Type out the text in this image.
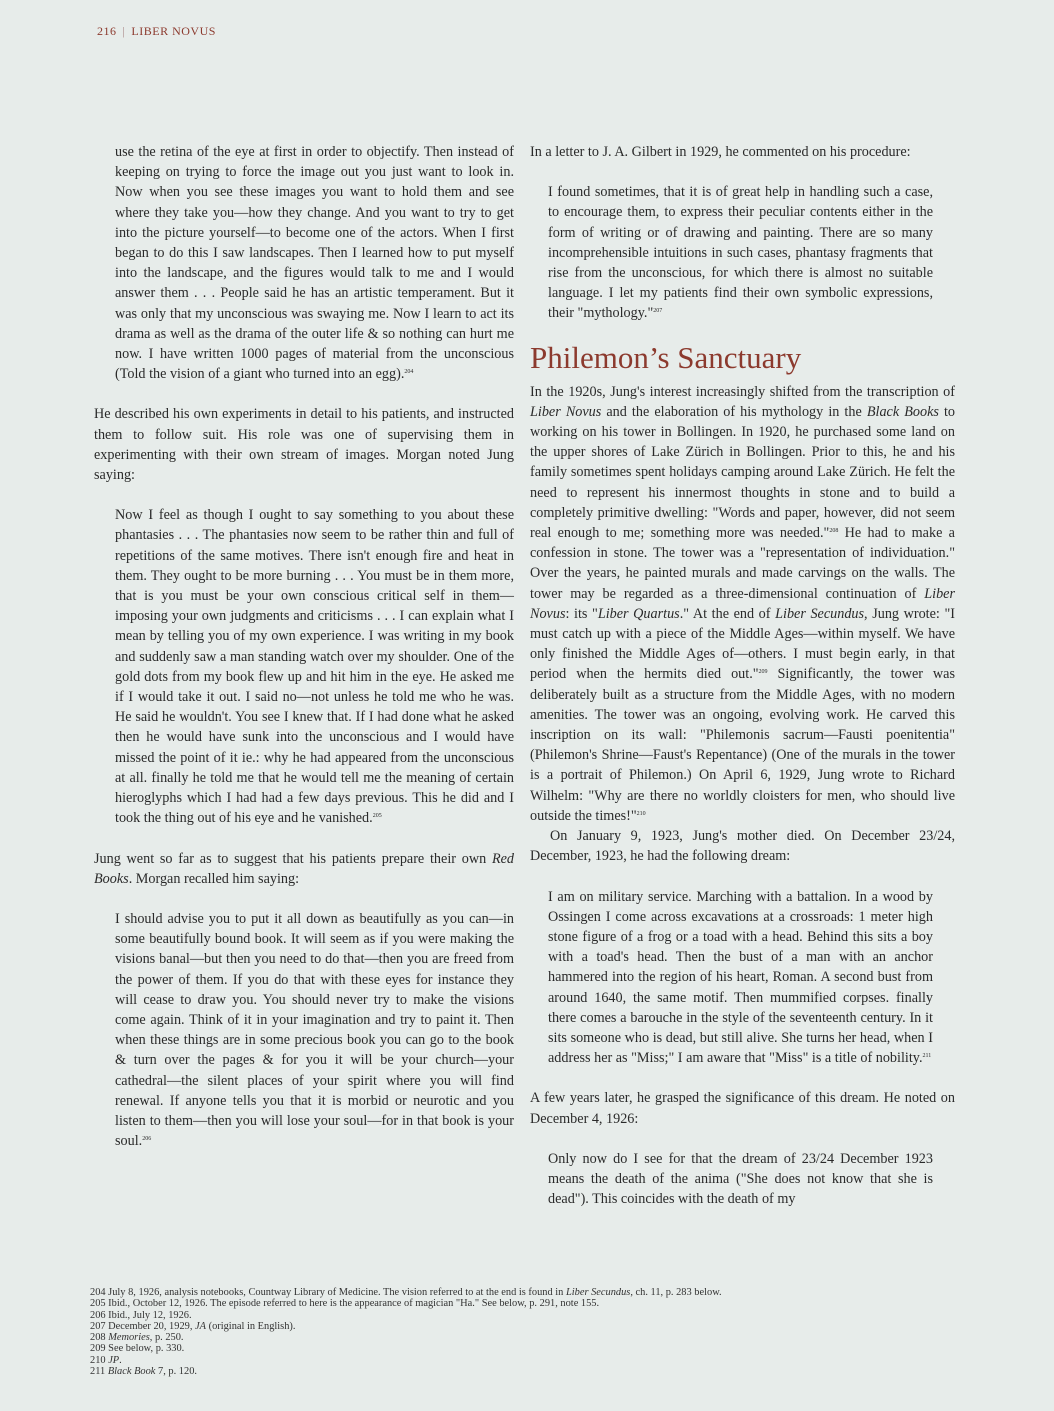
216 | LIBER NOVUS

use the retina of the eye at first in order to objectify. Then instead of keeping on trying to force the image out you just want to look in. Now when you see these images you want to hold them and see where they take you—how they change. And you want to try to get into the picture yourself—to become one of the actors. When I first began to do this I saw landscapes. Then I learned how to put myself into the landscape, and the figures would talk to me and I would answer them . . . People said he has an artistic temperament. But it was only that my unconscious was swaying me. Now I learn to act its drama as well as the drama of the outer life & so nothing can hurt me now. I have written 1000 pages of material from the unconscious (Told the vision of a giant who turned into an egg).$^{204}$

He described his own experiments in detail to his patients, and instructed them to follow suit. His role was one of supervising them in experimenting with their own stream of images. Morgan noted Jung saying:

Now I feel as though I ought to say something to you about these phantasies . . . The phantasies now seem to be rather thin and full of repetitions of the same motives. There isn't enough fire and heat in them. They ought to be more burning . . . You must be in them more, that is you must be your own conscious critical self in them—imposing your own judgments and criticisms . . . I can explain what I mean by telling you of my own experience. I was writing in my book and suddenly saw a man standing watch over my shoulder. One of the gold dots from my book flew up and hit him in the eye. He asked me if I would take it out. I said no—not unless he told me who he was. He said he wouldn't. You see I knew that. If I had done what he asked then he would have sunk into the unconscious and I would have missed the point of it ie.: why he had appeared from the unconscious at all. finally he told me that he would tell me the meaning of certain hieroglyphs which I had had a few days previous. This he did and I took the thing out of his eye and he vanished.$^{205}$

Jung went so far as to suggest that his patients prepare their own Red Books. Morgan recalled him saying:

I should advise you to put it all down as beautifully as you can—in some beautifully bound book. It will seem as if you were making the visions banal—but then you need to do that—then you are freed from the power of them. If you do that with these eyes for instance they will cease to draw you. You should never try to make the visions come again. Think of it in your imagination and try to paint it. Then when these things are in some precious book you can go to the book & turn over the pages & for you it will be your church—your cathedral—the silent places of your spirit where you will find renewal. If anyone tells you that it is morbid or neurotic and you listen to them—then you will lose your soul—for in that book is your soul.$^{206}$

In a letter to J. A. Gilbert in 1929, he commented on his procedure:

I found sometimes, that it is of great help in handling such a case, to encourage them, to express their peculiar contents either in the form of writing or of drawing and painting. There are so many incomprehensible intuitions in such cases, phantasy fragments that rise from the unconscious, for which there is almost no suitable language. I let my patients find their own symbolic expressions, their "mythology."$^{207}$

Philemon’s Sanctuary

In the 1920s, Jung's interest increasingly shifted from the transcription of Liber Novus and the elaboration of his mythology in the Black Books to working on his tower in Bollingen. In 1920, he purchased some land on the upper shores of Lake Zürich in Bollingen. Prior to this, he and his family sometimes spent holidays camping around Lake Zürich. He felt the need to represent his innermost thoughts in stone and to build a completely primitive dwelling: "Words and paper, however, did not seem real enough to me; something more was needed."$^{208}$ He had to make a confession in stone. The tower was a "representation of individuation." Over the years, he painted murals and made carvings on the walls. The tower may be regarded as a three-dimensional continuation of Liber Novus: its "Liber Quartus." At the end of Liber Secundus, Jung wrote: "I must catch up with a piece of the Middle Ages—within myself. We have only finished the Middle Ages of—others. I must begin early, in that period when the hermits died out."$^{209}$ Significantly, the tower was deliberately built as a structure from the Middle Ages, with no modern amenities. The tower was an ongoing, evolving work. He carved this inscription on its wall: "Philemonis sacrum—Fausti poenitentia" (Philemon's Shrine—Faust's Repentance) (One of the murals in the tower is a portrait of Philemon.) On April 6, 1929, Jung wrote to Richard Wilhelm: "Why are there no worldly cloisters for men, who should live outside the times!"$^{210}$

On January 9, 1923, Jung's mother died. On December 23/24, December, 1923, he had the following dream:

I am on military service. Marching with a battalion. In a wood by Ossingen I come across excavations at a crossroads: 1 meter high stone figure of a frog or a toad with a head. Behind this sits a boy with a toad's head. Then the bust of a man with an anchor hammered into the region of his heart, Roman. A second bust from around 1640, the same motif. Then mummified corpses. finally there comes a barouche in the style of the seventeenth century. In it sits someone who is dead, but still alive. She turns her head, when I address her as "Miss;" I am aware that "Miss" is a title of nobility.$^{211}$

A few years later, he grasped the significance of this dream. He noted on December 4, 1926:

Only now do I see for that the dream of 23/24 December 1923 means the death of the anima ("She does not know that she is dead"). This coincides with the death of my

204 July 8, 1926, analysis notebooks, Countway Library of Medicine. The vision referred to at the end is found in Liber Secundus, ch. 11, p. 283 below.
205 Ibid., October 12, 1926. The episode referred to here is the appearance of magician "Ha." See below, p. 291, note 155.
206 Ibid., July 12, 1926.
207 December 20, 1929, JA (original in English).
208 Memories, p. 250.
209 See below, p. 330.
210 JP.
211 Black Book 7, p. 120.
